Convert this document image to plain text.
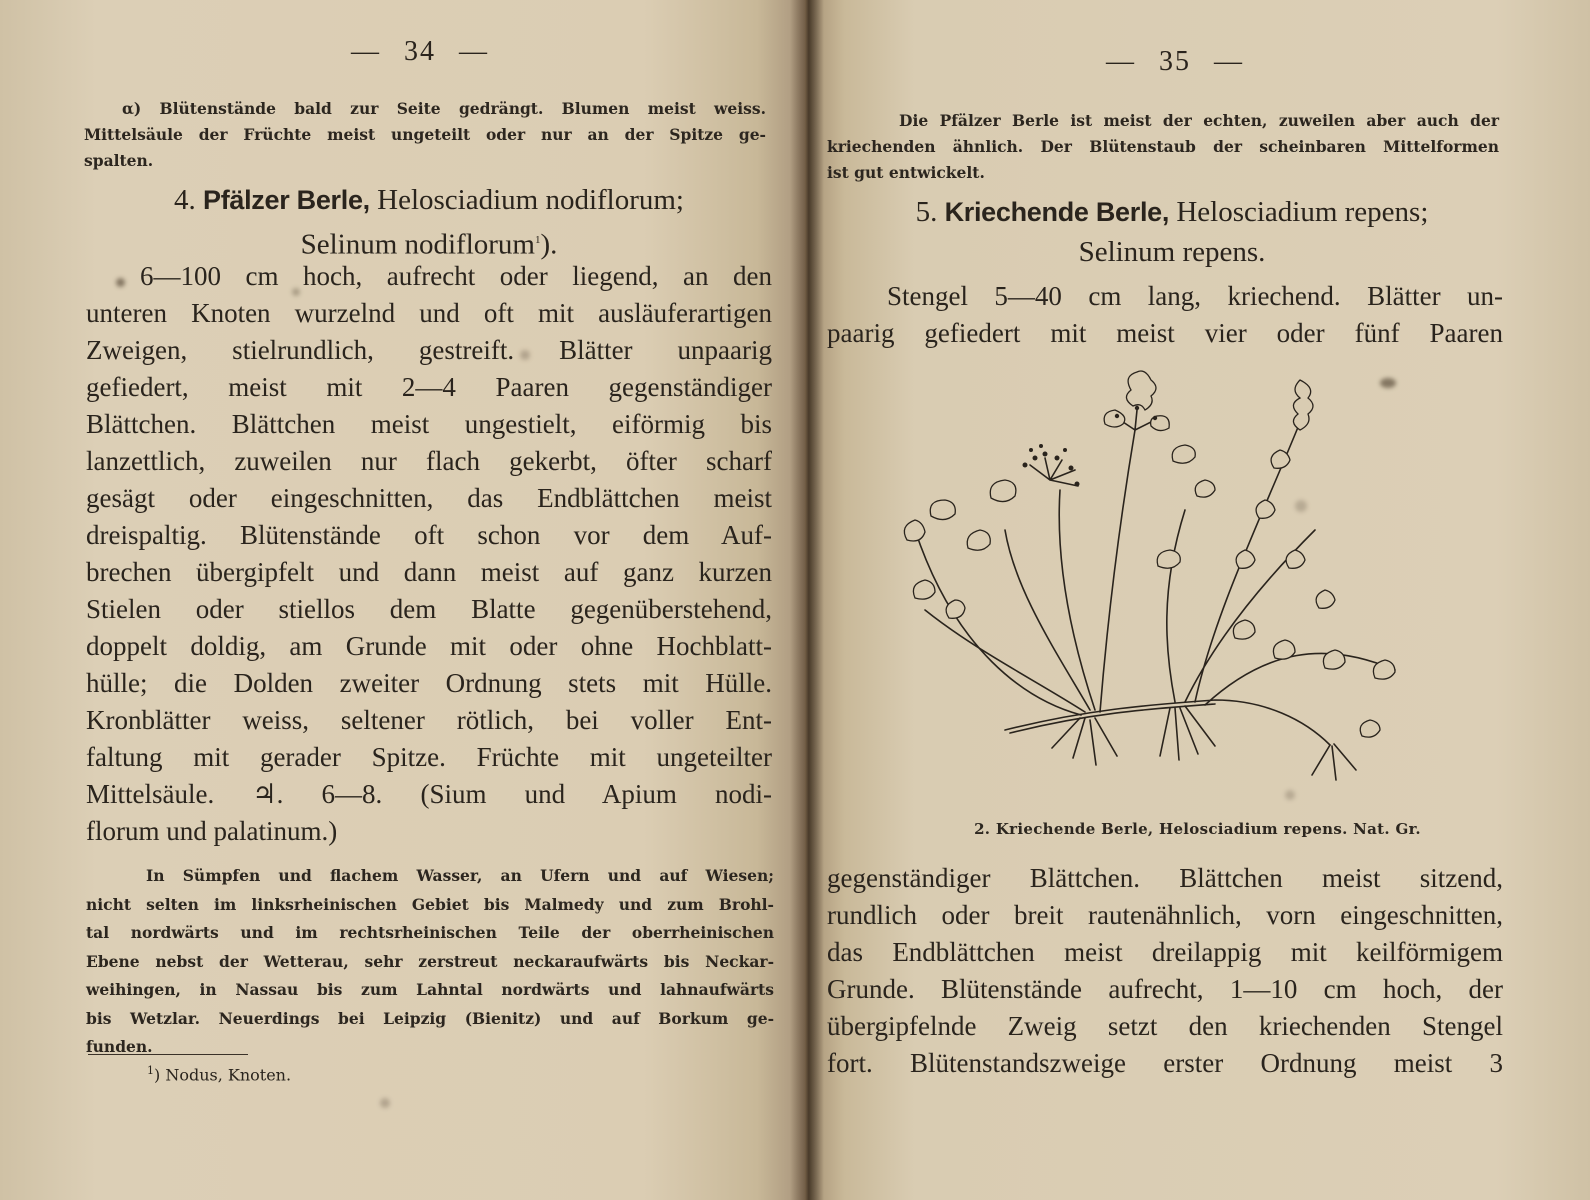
— 34 —
α) Blütenstände bald zur Seite gedrängt. Blumen meist weiss.
Mittelsäule der Früchte meist ungeteilt oder nur an der Spitze ge-
spalten.
4. Pfälzer Berle, Helosciadium nodiflorum;
Selinum nodiflorum$^1$).
6—100 cm hoch, aufrecht oder liegend, an den
unteren Knoten wurzelnd und oft mit ausläuferartigen
Zweigen, stielrundlich, gestreift. Blätter unpaarig
gefiedert, meist mit 2—4 Paaren gegenständiger
Blättchen. Blättchen meist ungestielt, eiförmig bis
lanzettlich, zuweilen nur flach gekerbt, öfter scharf
gesägt oder eingeschnitten, das Endblättchen meist
dreispaltig. Blütenstände oft schon vor dem Auf-
brechen übergipfelt und dann meist auf ganz kurzen
Stielen oder stiellos dem Blatte gegenüberstehend,
doppelt doldig, am Grunde mit oder ohne Hochblatt-
hülle; die Dolden zweiter Ordnung stets mit Hülle.
Kronblätter weiss, seltener rötlich, bei voller Ent-
faltung mit gerader Spitze. Früchte mit ungeteilter
Mittelsäule. ♃. 6—8. (Sium und Apium nodi-
florum und palatinum.)
In Sümpfen und flachem Wasser, an Ufern und auf Wiesen;
nicht selten im linksrheinischen Gebiet bis Malmedy und zum Brohl-
tal nordwärts und im rechtsrheinischen Teile der oberrheinischen
Ebene nebst der Wetterau, sehr zerstreut neckaraufwärts bis Neckar-
weihingen, in Nassau bis zum Lahntal nordwärts und lahnaufwärts
bis Wetzlar. Neuerdings bei Leipzig (Bienitz) und auf Borkum ge-
funden.
$^1$) Nodus, Knoten.
— 35 —
Die Pfälzer Berle ist meist der echten, zuweilen aber auch der
kriechenden ähnlich. Der Blütenstaub der scheinbaren Mittelformen
ist gut entwickelt.
5. Kriechende Berle, Helosciadium repens;
Selinum repens.
Stengel 5—40 cm lang, kriechend. Blätter un-
paarig gefiedert mit meist vier oder fünf Paaren
2. Kriechende Berle, Helosciadium repens. Nat. Gr.
gegenständiger Blättchen. Blättchen meist sitzend,
rundlich oder breit rautenähnlich, vorn eingeschnitten,
das Endblättchen meist dreilappig mit keilförmigem
Grunde. Blütenstände aufrecht, 1—10 cm hoch, der
übergipfelnde Zweig setzt den kriechenden Stengel
fort. Blütenstandszweige erster Ordnung meist 3
